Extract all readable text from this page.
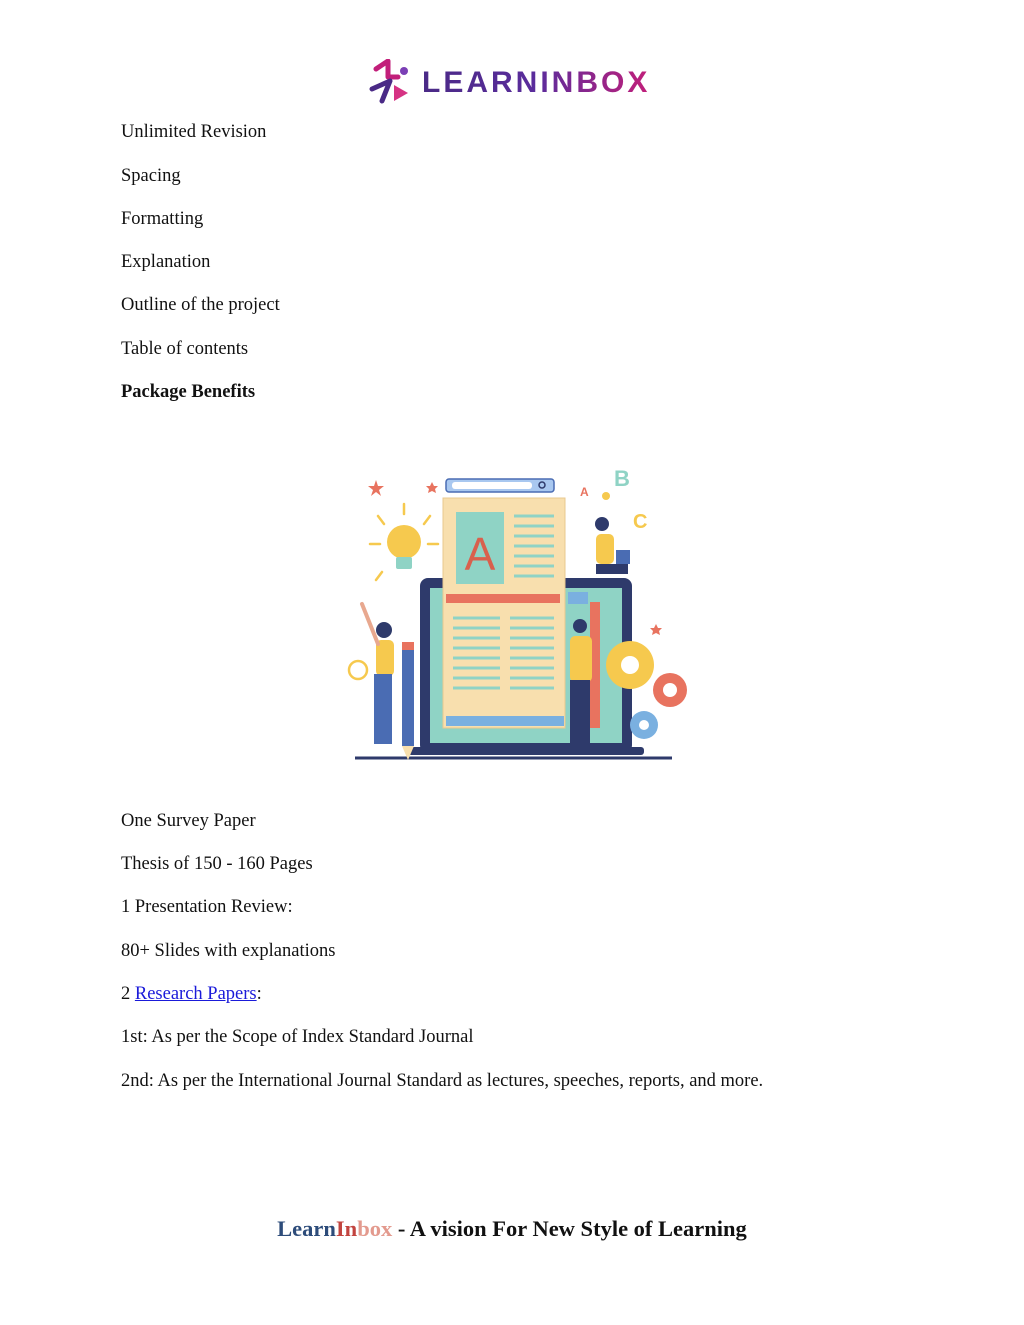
LEARNINBOX
Unlimited Revision
Spacing
Formatting
Explanation
Outline of the project
Table of contents
Package Benefits
A
B
C
A
One Survey Paper
Thesis of 150 - 160 Pages
1 Presentation Review:
80+ Slides with explanations
2 Research Papers:
1st: As per the Scope of Index Standard Journal
2nd: As per the International Journal Standard as lectures, speeches, reports, and more.
LearnInbox - A vision For New Style of Learning
